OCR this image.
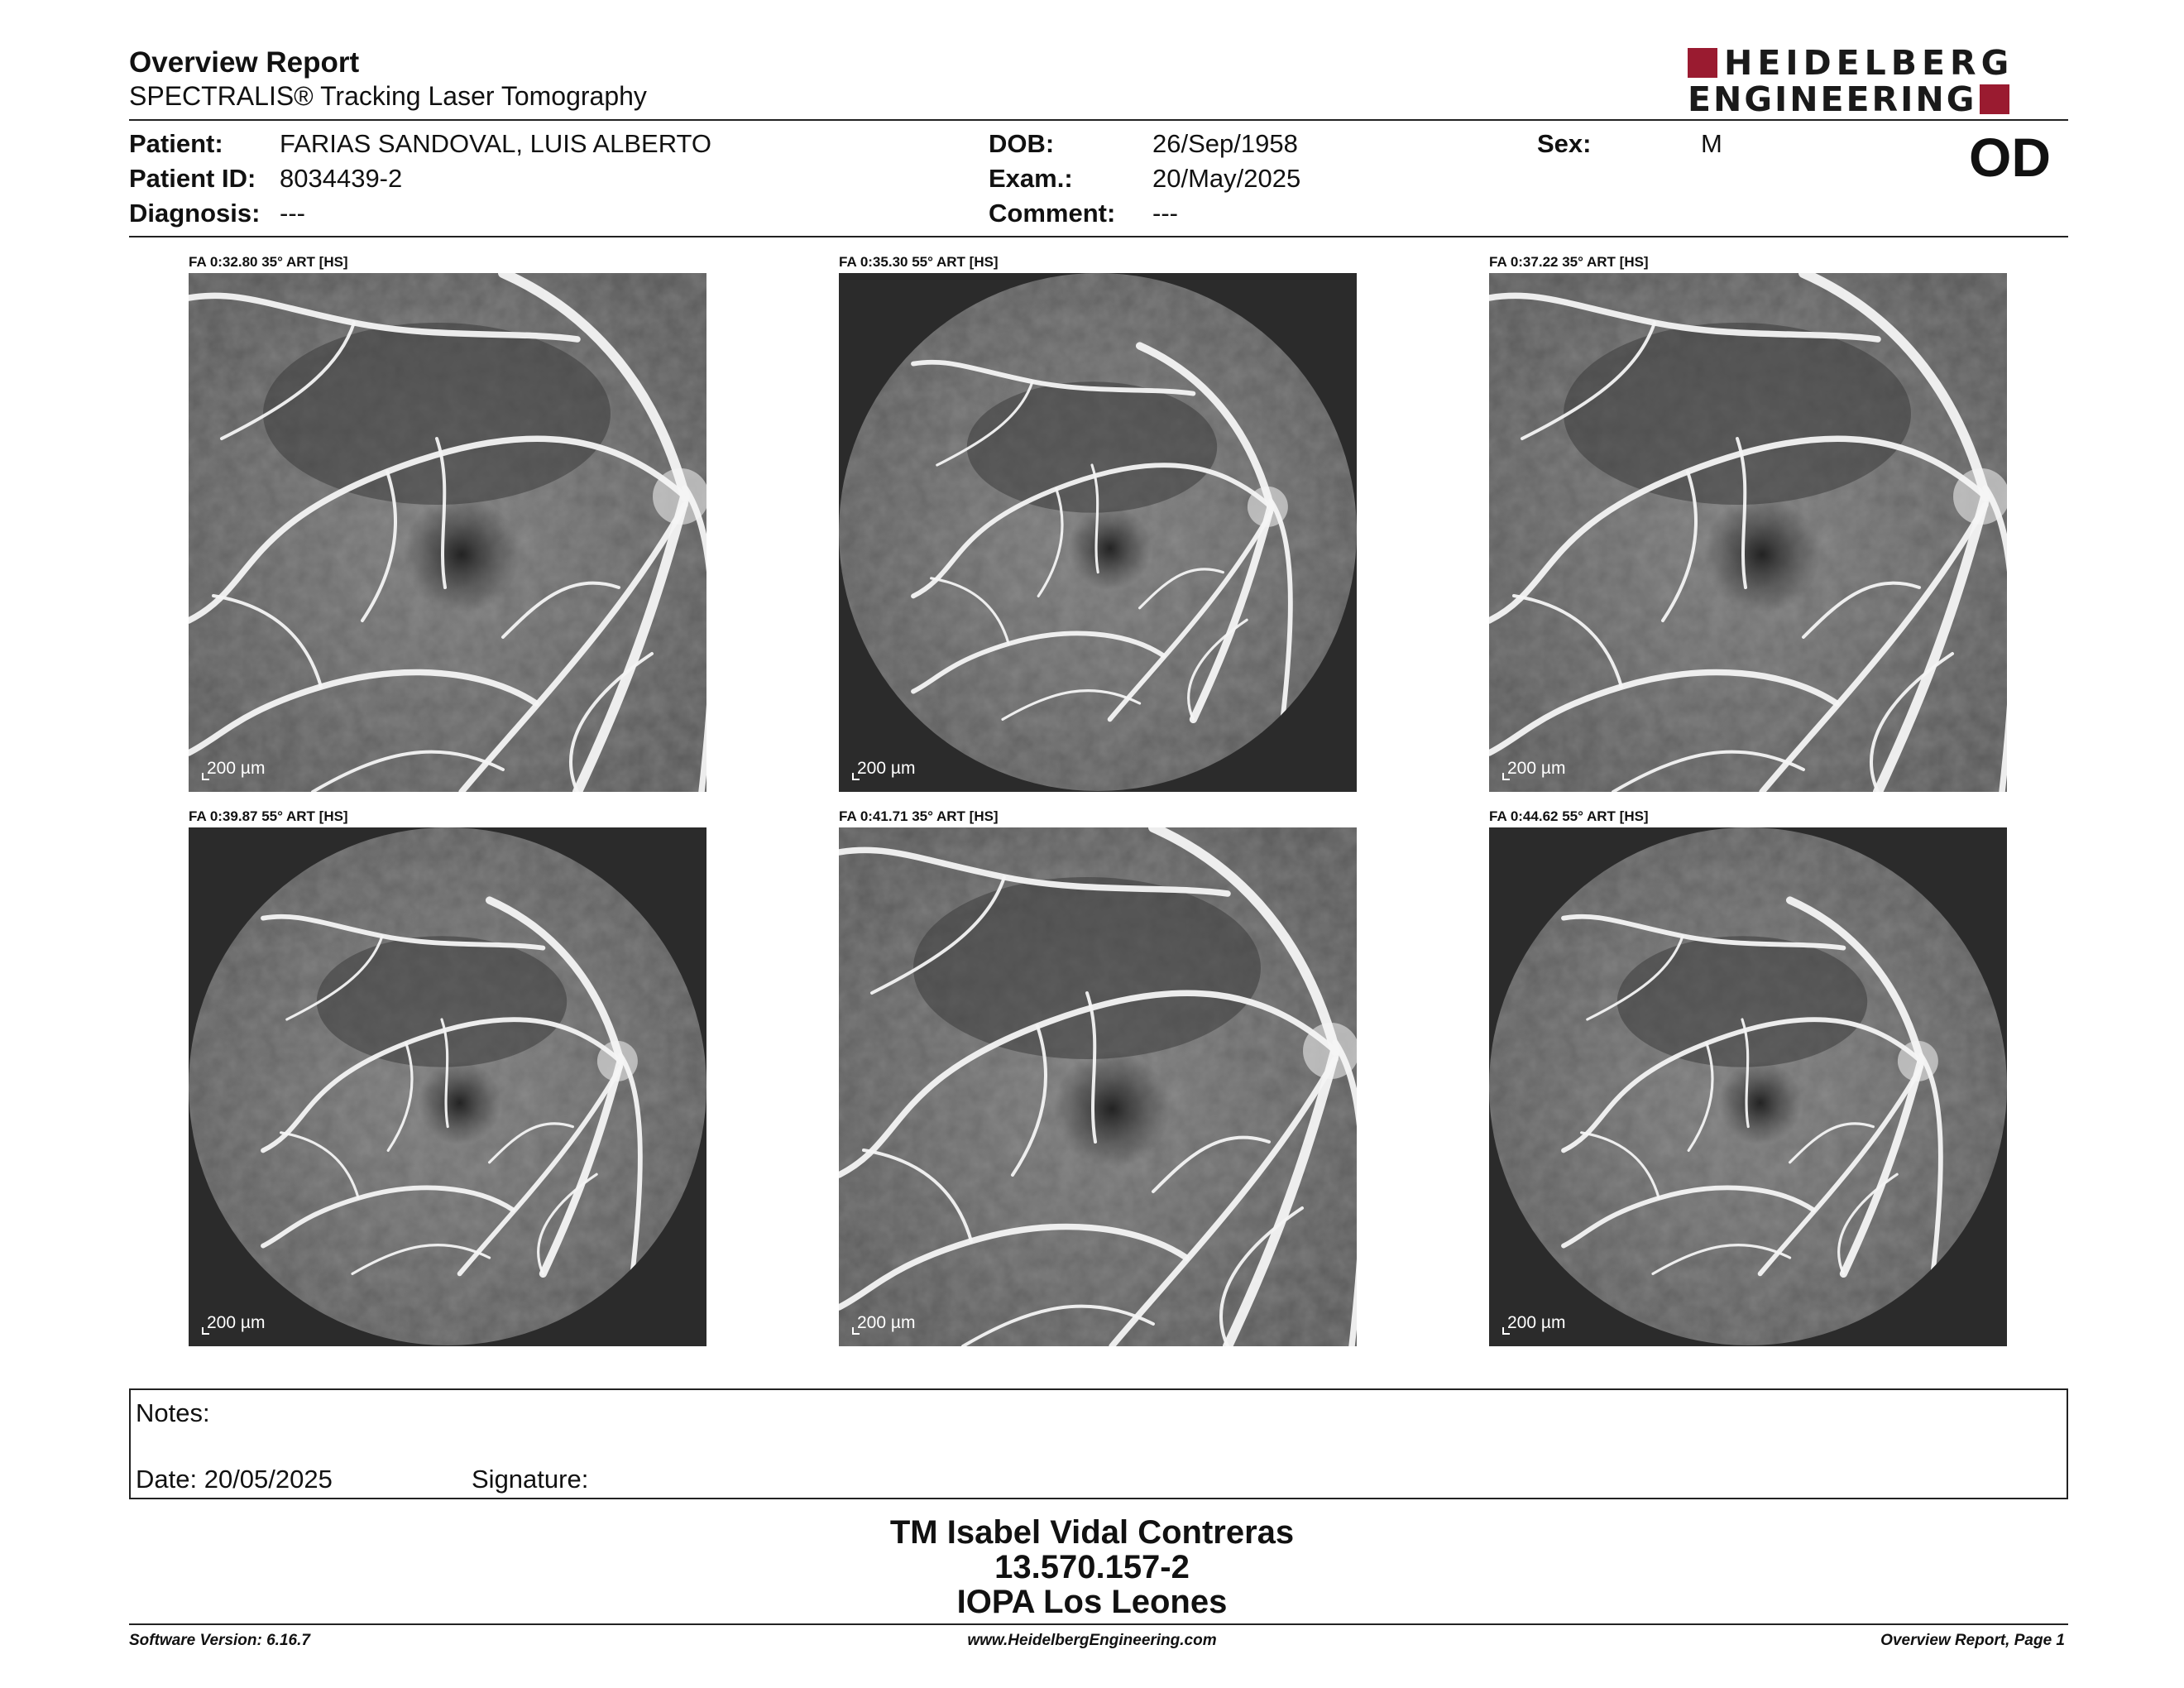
Overview Report
SPECTRALIS® Tracking Laser Tomography
HEIDELBERG
ENGINEERING
Patient: FARIAS SANDOVAL, LUIS ALBERTO
Patient ID: 8034439-2
Diagnosis: ---
DOB:	26/Sep/1958
Exam.:	20/May/2025
Comment: ---
Sex:	M	OD
FA 0:32.80 35° ART [HS]
200 µm
FA 0:35.30 55° ART [HS]
200 µm
FA 0:37.22 35° ART [HS]
200 µm
FA 0:39.87 55° ART [HS]
200 µm
FA 0:41.71 35° ART [HS]
200 µm
FA 0:44.62 55° ART [HS]
200 µm
Notes:
Date: 20/05/2025	Signature:
TM Isabel Vidal Contreras
13.570.157-2
IOPA Los Leones
Software Version: 6.16.7	www.HeidelbergEngineering.com	Overview Report, Page 1
